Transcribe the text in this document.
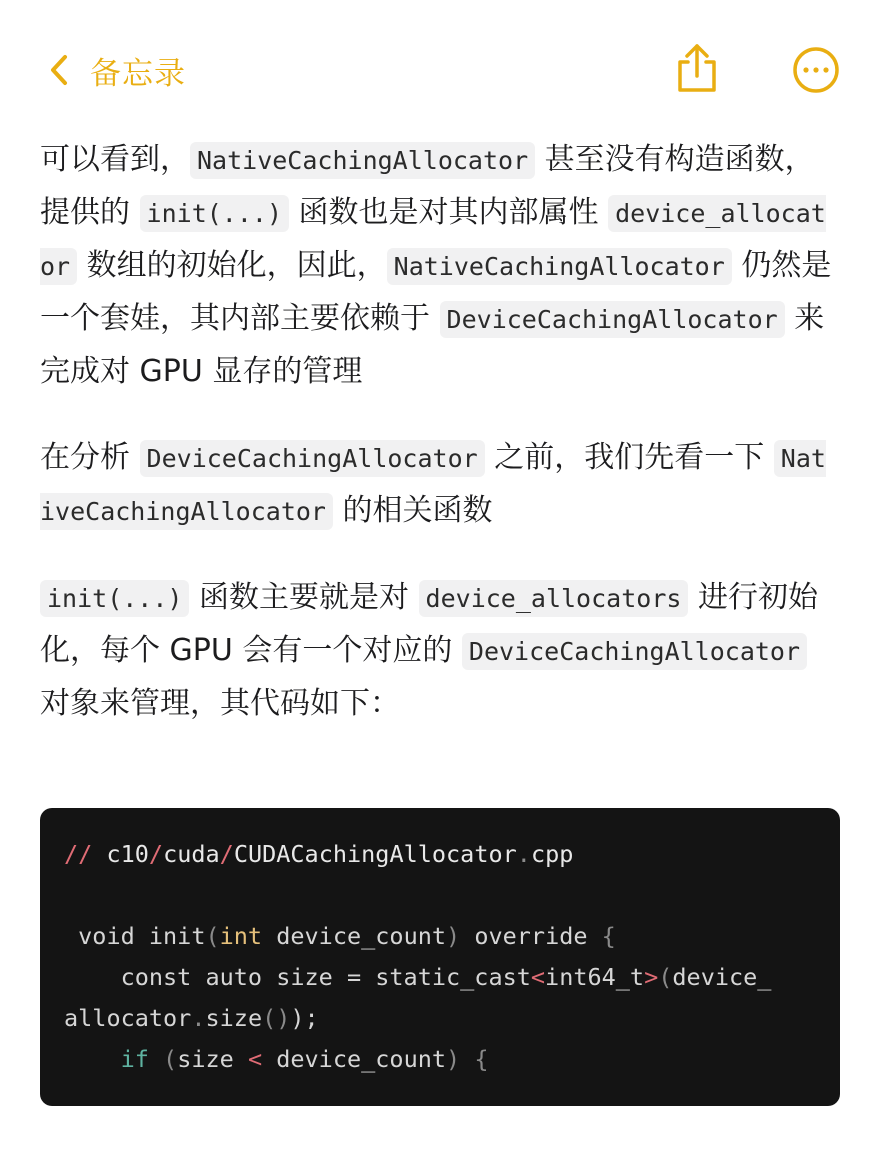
备忘录

可以看到， NativeCachingAllocator 甚至没有构造函数，提供的 init(...) 函数也是对其内部属性 device_allocator 数组的初始化，因此， NativeCachingAllocator 仍然是一个套娃，其内部主要依赖于 DeviceCachingAllocator 来完成对 GPU 显存的管理

在分析 DeviceCachingAllocator 之前，我们先看一下 NativeCachingAllocator 的相关函数

init(...) 函数主要就是对 device_allocators 进行初始化，每个 GPU 会有一个对应的 DeviceCachingAllocator 对象来管理，其代码如下：

// c10/cuda/CUDACachingAllocator.cpp
void init(int device_count) override {
const auto size = static_cast<int64_t>(device_
allocator.size());
if (size < device_count) {
